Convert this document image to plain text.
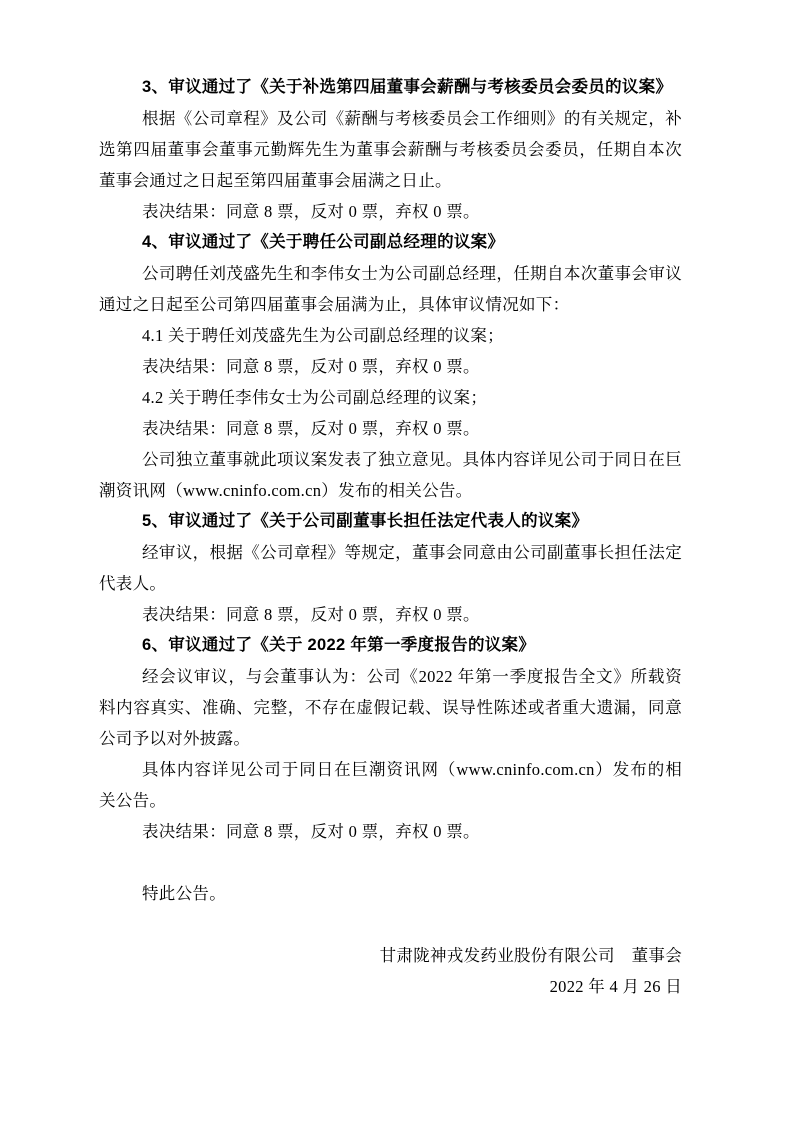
3、审议通过了《关于补选第四届董事会薪酬与考核委员会委员的议案》
根据《公司章程》及公司《薪酬与考核委员会工作细则》的有关规定，补选第四届董事会董事元勤辉先生为董事会薪酬与考核委员会委员，任期自本次董事会通过之日起至第四届董事会届满之日止。
表决结果：同意 8 票，反对 0 票，弃权 0 票。
4、审议通过了《关于聘任公司副总经理的议案》
公司聘任刘茂盛先生和李伟女士为公司副总经理，任期自本次董事会审议通过之日起至公司第四届董事会届满为止，具体审议情况如下：
4.1 关于聘任刘茂盛先生为公司副总经理的议案；
表决结果：同意 8 票，反对 0 票，弃权 0 票。
4.2 关于聘任李伟女士为公司副总经理的议案；
表决结果：同意 8 票，反对 0 票，弃权 0 票。
公司独立董事就此项议案发表了独立意见。具体内容详见公司于同日在巨潮资讯网（www.cninfo.com.cn）发布的相关公告。
5、审议通过了《关于公司副董事长担任法定代表人的议案》
经审议，根据《公司章程》等规定，董事会同意由公司副董事长担任法定代表人。
表决结果：同意 8 票，反对 0 票，弃权 0 票。
6、审议通过了《关于 2022 年第一季度报告的议案》
经会议审议，与会董事认为：公司《2022 年第一季度报告全文》所载资料内容真实、准确、完整，不存在虚假记载、误导性陈述或者重大遗漏，同意公司予以对外披露。
具体内容详见公司于同日在巨潮资讯网（www.cninfo.com.cn）发布的相关公告。
表决结果：同意 8 票，反对 0 票，弃权 0 票。
特此公告。
甘肃陇神戎发药业股份有限公司　董事会
2022 年 4 月 26 日
